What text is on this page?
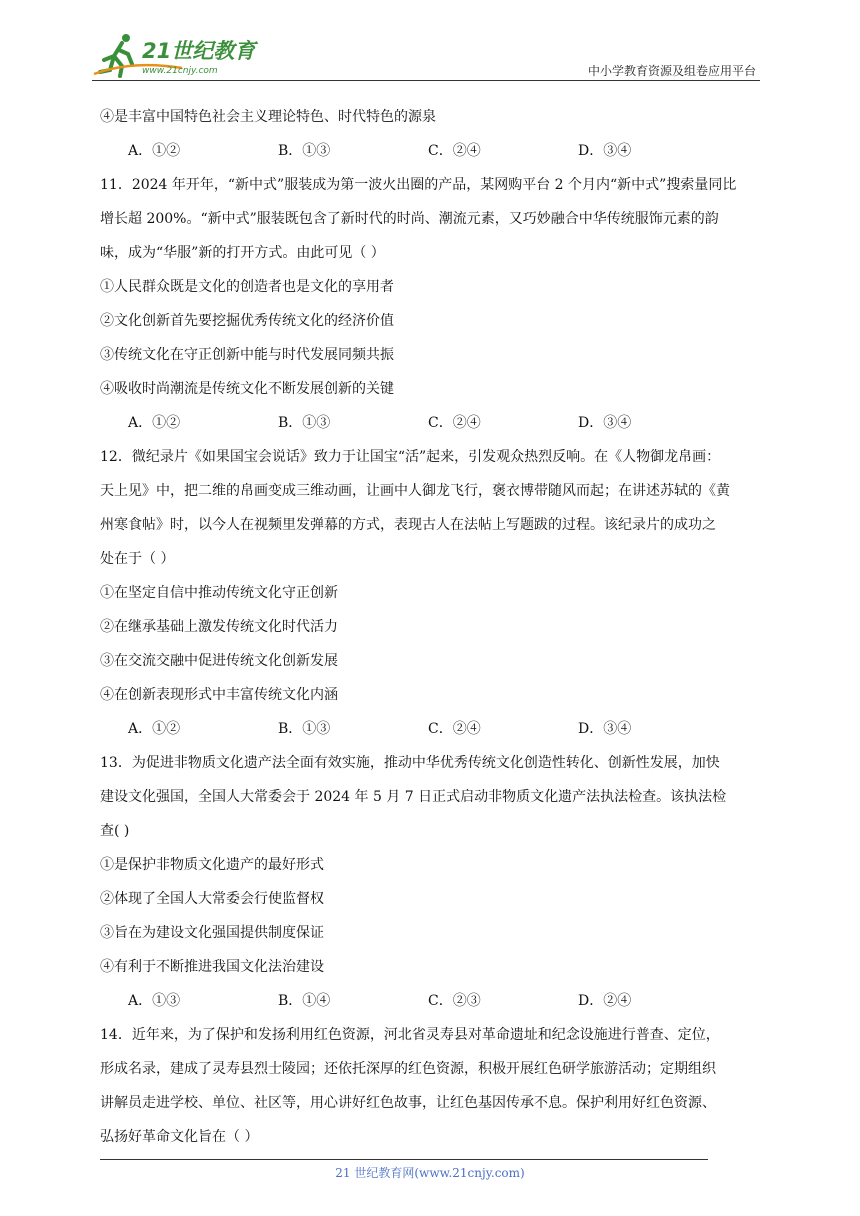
21世纪教育
www.21cnjy.com	中小学教育资源及组卷应用平台
④是丰富中国特色社会主义理论特色、时代特色的源泉
A．①②	B．①③	C．②④	D．③④
11．2024 年开年，“新中式”服装成为第一波火出圈的产品，某网购平台 2 个月内“新中式”搜索量同比
增长超 200%。“新中式”服装既包含了新时代的时尚、潮流元素，又巧妙融合中华传统服饰元素的韵
味，成为“华服”新的打开方式。由此可见（ ）
①人民群众既是文化的创造者也是文化的享用者
②文化创新首先要挖掘优秀传统文化的经济价值
③传统文化在守正创新中能与时代发展同频共振
④吸收时尚潮流是传统文化不断发展创新的关键
A．①②	B．①③	C．②④	D．③④
12．微纪录片《如果国宝会说话》致力于让国宝“活”起来，引发观众热烈反响。在《人物御龙帛画：
天上见》中，把二维的帛画变成三维动画，让画中人御龙飞行，褒衣博带随风而起；在讲述苏轼的《黄
州寒食帖》时，以今人在视频里发弹幕的方式，表现古人在法帖上写题跋的过程。该纪录片的成功之
处在于（ ）
①在坚定自信中推动传统文化守正创新
②在继承基础上激发传统文化时代活力
③在交流交融中促进传统文化创新发展
④在创新表现形式中丰富传统文化内涵
A．①②	B．①③	C．②④	D．③④
13．为促进非物质文化遗产法全面有效实施，推动中华优秀传统文化创造性转化、创新性发展，加快
建设文化强国，全国人大常委会于 2024 年 5 月 7 日正式启动非物质文化遗产法执法检查。该执法检
查( )
①是保护非物质文化遗产的最好形式
②体现了全国人大常委会行使监督权
③旨在为建设文化强国提供制度保证
④有利于不断推进我国文化法治建设
A．①③	B．①④	C．②③	D．②④
14．近年来，为了保护和发扬利用红色资源，河北省灵寿县对革命遗址和纪念设施进行普查、定位，
形成名录，建成了灵寿县烈士陵园；还依托深厚的红色资源，积极开展红色研学旅游活动；定期组织
讲解员走进学校、单位、社区等，用心讲好红色故事，让红色基因传承不息。保护利用好红色资源、
弘扬好革命文化旨在（ ）
21 世纪教育网(www.21cnjy.com)
